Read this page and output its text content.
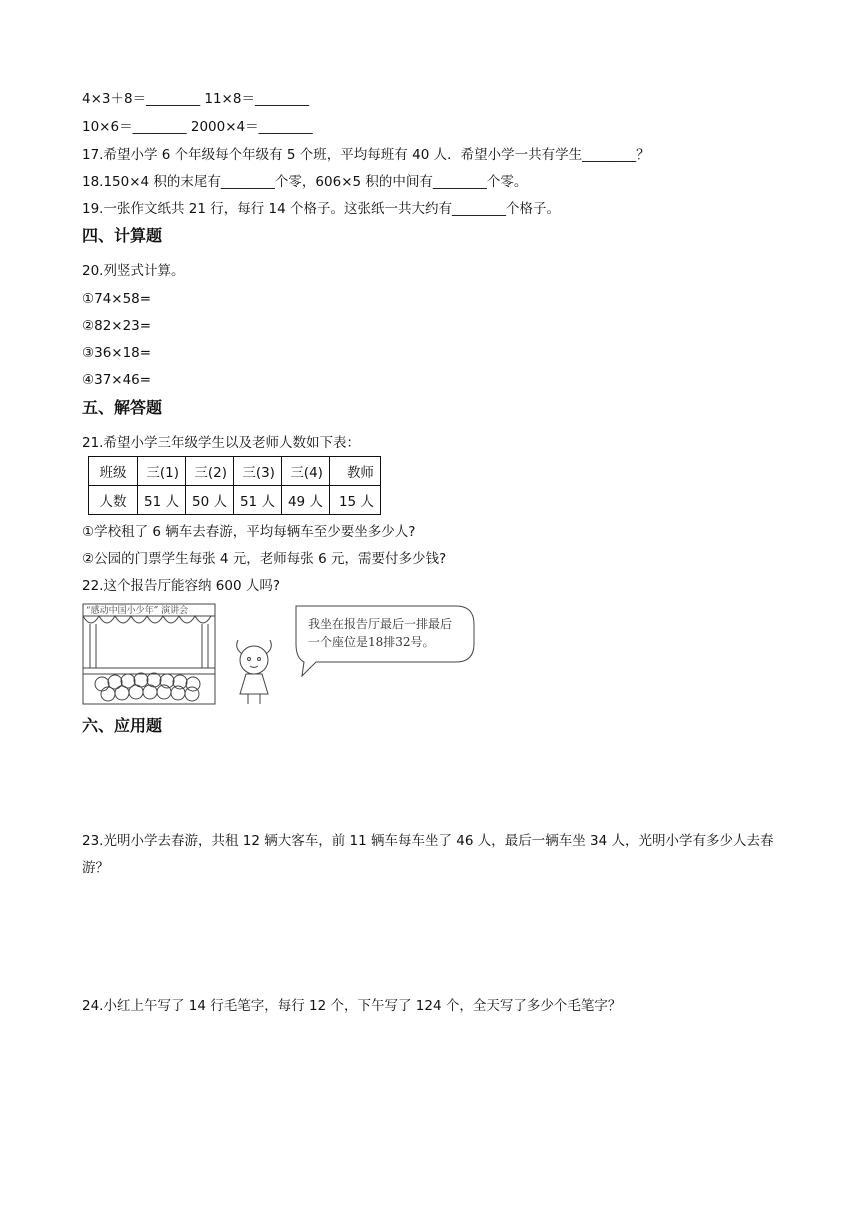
4×3＋8＝________ 11×8＝________
10×6＝________ 2000×4＝________
17.希望小学 6 个年级每个年级有 5 个班，平均每班有 40 人．希望小学一共有学生________？
18.150×4 积的末尾有________个零，606×5 积的中间有________个零。
19.一张作文纸共 21 行，每行 14 个格子。这张纸一共大约有________个格子。
四、计算题
20.列竖式计算。
①74×58=
②82×23=
③36×18=
④37×46=
五、解答题
21.希望小学三年级学生以及老师人数如下表：
班级	三(1)	三(2)	三(3)	三(4)	教师
人数	51 人	50 人	51 人	49 人	15 人
①学校租了 6 辆车去春游，平均每辆车至少要坐多少人?
②公园的门票学生每张 4 元，老师每张 6 元，需要付多少钱?
22.这个报告厅能容纳 600 人吗?
“感动中国小少年” 演讲会
我坐在报告厅最后一排最后
一个座位是18排32号。
六、应用题
23.光明小学去春游，共租 12 辆大客车，前 11 辆车每车坐了 46 人，最后一辆车坐 34 人，光明小学有多少人去春游？
24.小红上午写了 14 行毛笔字，每行 12 个，下午写了 124 个，全天写了多少个毛笔字？
